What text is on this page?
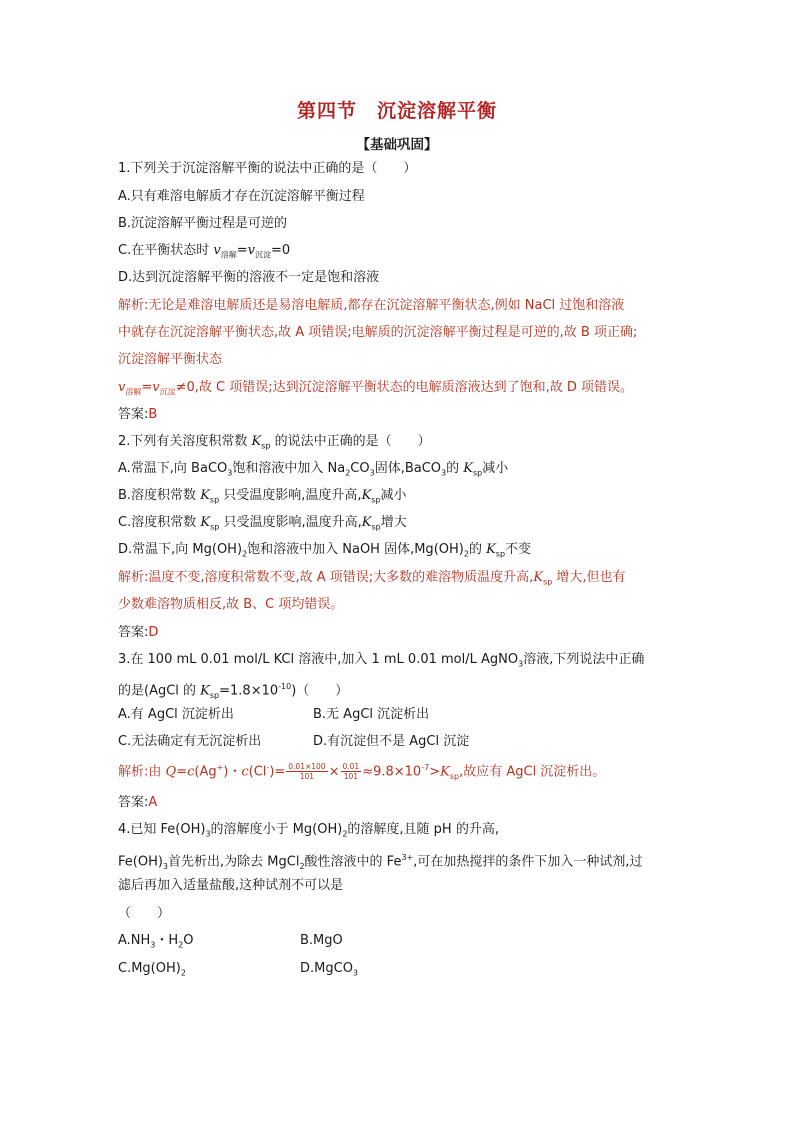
第四节 沉淀溶解平衡
【基础巩固】
1.下列关于沉淀溶解平衡的说法中正确的是（　　）
A.只有难溶电解质才存在沉淀溶解平衡过程
B.沉淀溶解平衡过程是可逆的
C.在平衡状态时 $v_{溶解}=v_{沉淀}=0$
D.达到沉淀溶解平衡的溶液不一定是饱和溶液
解析:无论是难溶电解质还是易溶电解质,都存在沉淀溶解平衡状态,例如 NaCl 过饱和溶液
中就存在沉淀溶解平衡状态,故 A 项错误;电解质的沉淀溶解平衡过程是可逆的,故 B 项正确;
沉淀溶解平衡状态
$v_{溶解}=v_{沉淀}\ne 0$,故 C 项错误;达到沉淀溶解平衡状态的电解质溶液达到了饱和,故 D 项错误。
答案:B
2.下列有关溶度积常数 $K_{sp}$ 的说法中正确的是（　　）
A.常温下,向 BaCO$_3$饱和溶液中加入 $Na_2CO_3$固体,BaCO$_3$的 $K_{sp}$减小
B.溶度积常数 $K_{sp}$ 只受温度影响,温度升高$,K_{sp}$减小
C.溶度积常数 $K_{sp}$ 只受温度影响,温度升高$,K_{sp}$增大
D.常温下,向 $Mg(OH)_2$饱和溶液中加入 NaOH 固体$,Mg(OH)_2$的 $K_{sp}$不变
解析:温度不变,溶度积常数不变,故 A 项错误;大多数的难溶物质温度升高$,K_{sp}$ 增大,但也有
少数难溶物质相反,故 B、C 项均错误。
答案:D
3.在 100 mL 0.01 mol/L KCl 溶液中,加入 1 mL 0.01 mol/L AgNO$_3$溶液,下列说法中正确
的是(AgCl 的 $K_{sp}=1.8\times 10^{-10}$)（　　）
A.有 AgCl 沉淀析出	B.无 AgCl 沉淀析出
C.无法确定有无沉淀析出	D.有沉淀但不是 AgCl 沉淀
解析:由 Q=c(Ag+)・$c(Cl^-)= \frac{0.01\times 100}{101} \times \frac{0.01}{101} \approx 9.8\times 10^{-7}>K_{sp}$,故应有 AgCl 沉淀析出。
答案:A
4.已知 $Fe(OH)_3$的溶解度小于 $Mg(OH)_2$的溶解度,且随 pH 的升高,
$Fe(OH)_3$首先析出,为除去 MgCl$_2$酸性溶液中的 $Fe^{3+}$,可在加热搅拌的条件下加入一种试剂,过
滤后再加入适量盐酸,这种试剂不可以是
（　　）
$A.NH_3$・$H_2O$	B.MgO
$C.Mg(OH)_2$	D.MgCO$_3$
